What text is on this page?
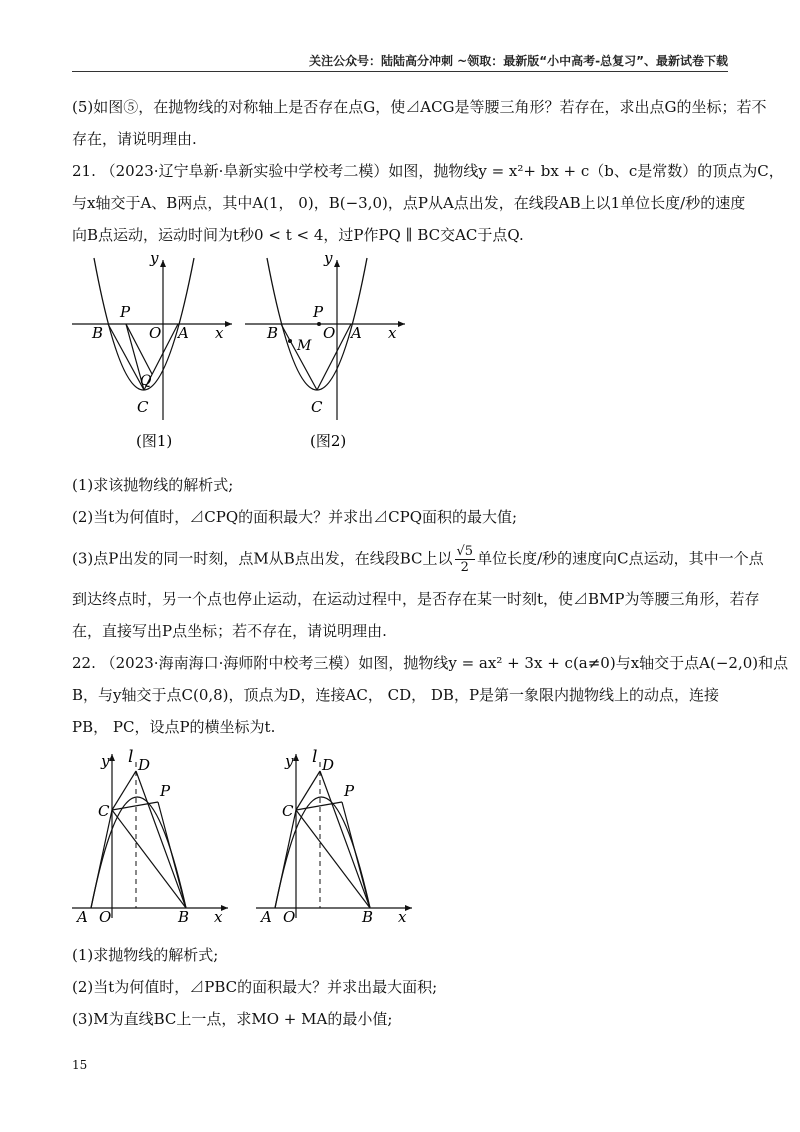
关注公众号：陆陆高分冲刺 ~领取：最新版“小中高考-总复习”、最新试卷下载
(5)如图⑤，在抛物线的对称轴上是否存在点G，使⊿ACG是等腰三角形？若存在，求出点G的坐标；若不
存在，请说明理由.
21. （2023·辽宁阜新·阜新实验中学校考二模）如图，抛物线y = x²+ bx + c（b、c是常数）的顶点为C，
与x轴交于A、B两点，其中A(1， 0)，B(−3,0)，点P从A点出发，在线段AB上以1单位长度/秒的速度
向B点运动，运动时间为t秒0 < t < 4，过P作PQ ∥ BC交AC于点Q.
y
x
P
O
B	A
Q
C
(图1)
y
x
P
O
B	A
M
C
(图2)
(1)求该抛物线的解析式;
(2)当t为何值时，⊿CPQ的面积最大？并求出⊿CPQ面积的最大值;
(3)点P出发的同一时刻，点M从B点出发，在线段BC上以 $\frac{√5}{2}$ 单位长度/秒的速度向C点运动，其中一个点
到达终点时，另一个点也停止运动，在运动过程中，是否存在某一时刻t，使⊿BMP为等腰三角形，若存
在，直接写出P点坐标；若不存在，请说明理由.
22. （2023·海南海口·海师附中校考三模）如图，抛物线y = ax² + 3x + c(a≠0)与x轴交于点A(−2,0)和点
B，与y轴交于点C(0,8)，顶点为D，连接AC， CD， DB，P是第一象限内抛物线上的动点，连接
PB， PC，设点P的横坐标为t.
y
x
l D
P
C
A O	B
y
x
l D
P
C
A O	B
(1)求抛物线的解析式;
(2)当t为何值时，⊿PBC的面积最大？并求出最大面积;
(3)M为直线BC上一点，求MO + MA的最小值;
15
